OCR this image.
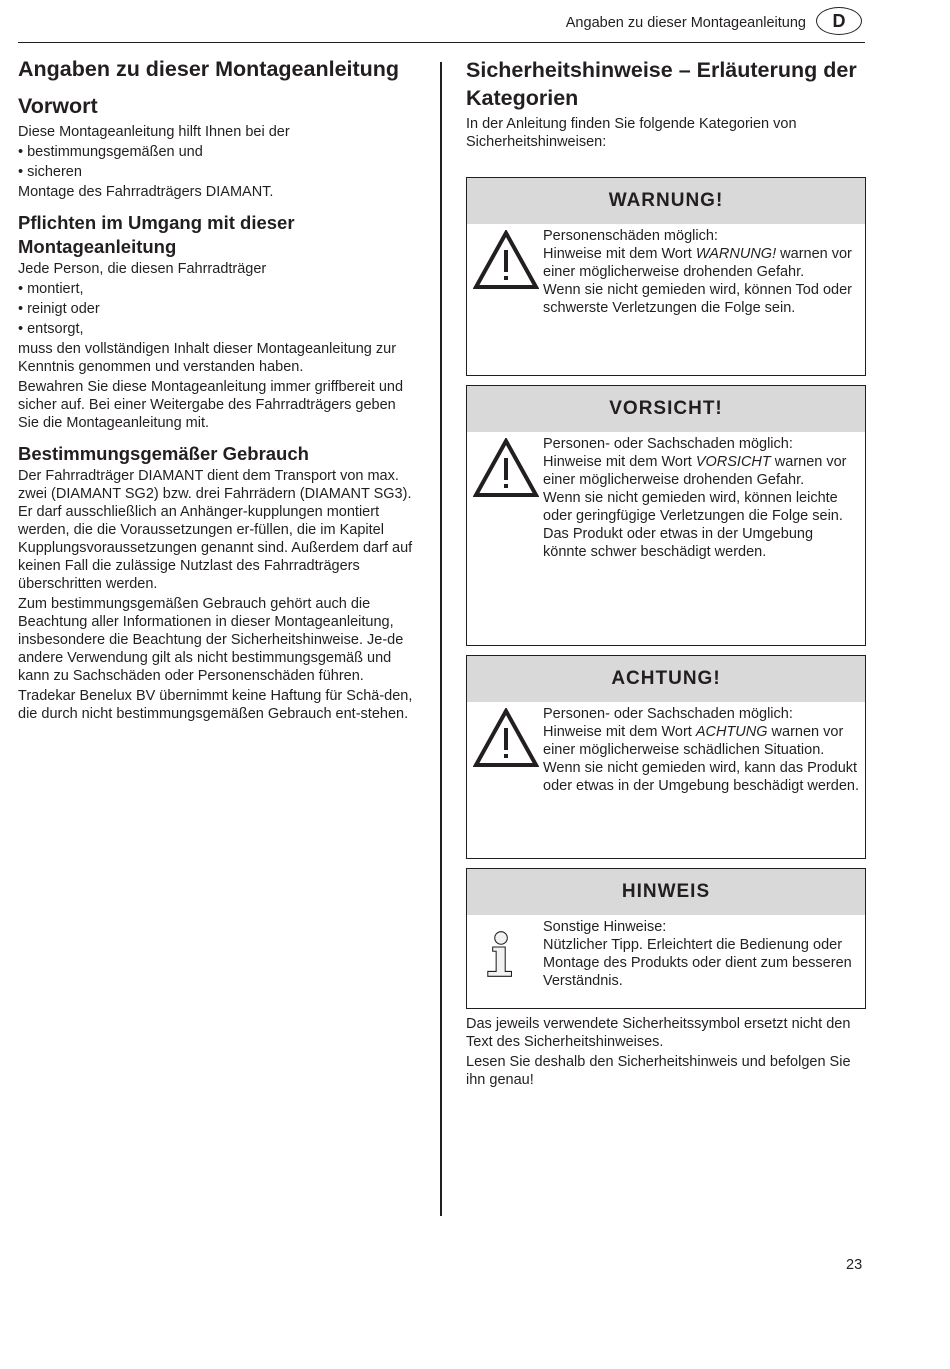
Angaben zu dieser Montageanleitung	D
Angaben zu dieser Montageanleitung
Vorwort

Diese Montageanleitung hilft Ihnen bei der

• bestimmungsgemäßen und

• sicheren

Montage des Fahrradträgers DIAMANT.

Pflichten im Umgang mit dieser Montageanleitung

Jede Person, die diesen Fahrradträger

• montiert,

• reinigt oder

• entsorgt,

muss den vollständigen Inhalt dieser Montageanleitung zur Kenntnis genommen und verstanden haben.

Bewahren Sie diese Montageanleitung immer griffbereit und sicher auf. Bei einer Weitergabe des Fahrradträgers geben Sie die Montageanleitung mit.

Bestimmungsgemäßer Gebrauch

Der Fahrradträger DIAMANT dient dem Transport von max. zwei (DIAMANT SG2) bzw. drei Fahrrädern (DIAMANT SG3). Er darf ausschließlich an Anhänger-kupplungen montiert werden, die die Voraussetzungen er-füllen, die im Kapitel Kupplungsvoraussetzungen genannt sind. Außerdem darf auf keinen Fall die zulässige Nutzlast des Fahrradträgers überschritten werden.

Zum bestimmungsgemäßen Gebrauch gehört auch die Beachtung aller Informationen in dieser Montageanleitung, insbesondere die Beachtung der Sicherheitshinweise. Je-de andere Verwendung gilt als nicht bestimmungsgemäß und kann zu Sachschäden oder Personenschäden führen.

Tradekar Benelux BV übernimmt keine Haftung für Schä-den, die durch nicht bestimmungsgemäßen Gebrauch ent-stehen.

Sicherheitshinweise – Erläuterung der Kategorien

In der Anleitung finden Sie folgende Kategorien von Sicherheitshinweisen:

WARNUNG!

Personenschäden möglich:

Hinweise mit dem Wort WARNUNG! warnen vor einer möglicherweise drohenden Gefahr.

Wenn sie nicht gemieden wird, können Tod oder schwerste Verletzungen die Folge sein.

VORSICHT!

Personen- oder Sachschaden möglich:

Hinweise mit dem Wort VORSICHT warnen vor einer möglicherweise drohenden Gefahr.

Wenn sie nicht gemieden wird, können leichte oder geringfügige Verletzungen die Folge sein.

Das Produkt oder etwas in der Umgebung könnte schwer beschädigt werden.

ACHTUNG!

Personen- oder Sachschaden möglich:

Hinweise mit dem Wort ACHTUNG warnen vor einer möglicherweise schädlichen Situation.

Wenn sie nicht gemieden wird, kann das Produkt oder etwas in der Umgebung beschädigt werden.

HINWEIS

Sonstige Hinweise:

Nützlicher Tipp. Erleichtert die Bedienung oder Montage des Produkts oder dient zum besseren Verständnis.

Das jeweils verwendete Sicherheitssymbol ersetzt nicht den Text des Sicherheitshinweises.

Lesen Sie deshalb den Sicherheitshinweis und befolgen Sie ihn genau!

23
